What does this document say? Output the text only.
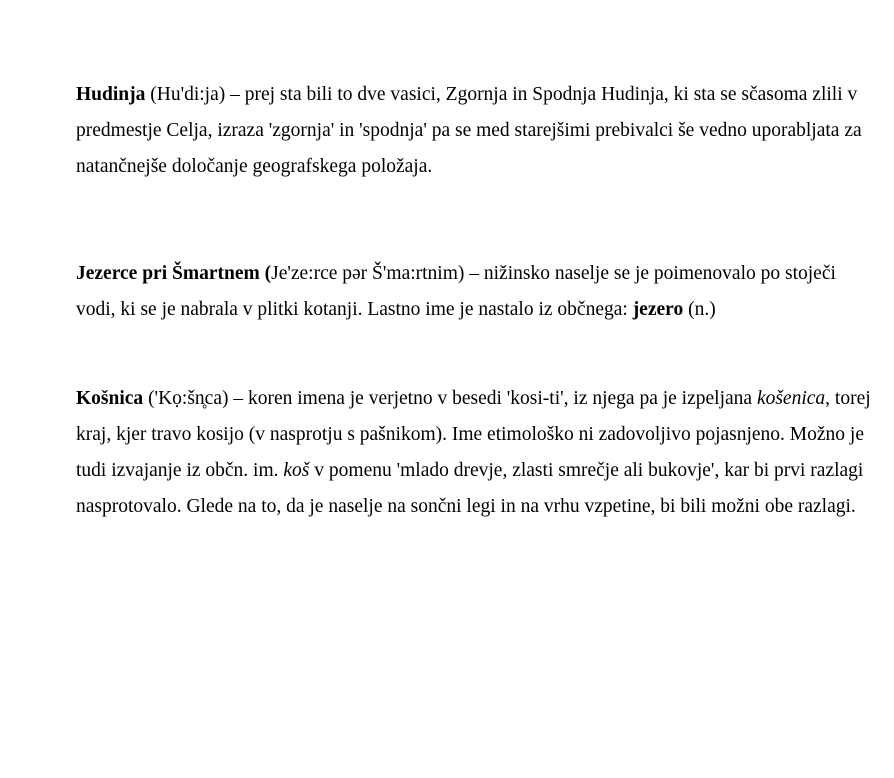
Hudinja (Hu'di:ja) – prej sta bili to dve vasici, Zgornja in Spodnja Hudinja, ki sta se sčasoma zlili v predmestje Celja, izraza 'zgornja' in 'spodnja' pa se med starejšimi prebivalci še vedno uporabljata za natančnejše določanje geografskega položaja.

Jezerce pri Šmartnem (Je'ze:rce pər Š'ma:rtnim) – nižinsko naselje se je poimenovalo po stoječi vodi, ki se je nabrala v plitki kotanji. Lastno ime je nastalo iz občnega: jezero (n.)

Košnica ('Kọ:šn̥ca) – koren imena je verjetno v besedi 'kosi-ti', iz njega pa je izpeljana košenica, torej kraj, kjer travo kosijo (v nasprotju s pašnikom). Ime etimološko ni zadovoljivo pojasnjeno. Možno je tudi izvajanje iz občn. im. koš v pomenu 'mlado drevje, zlasti smrečje ali bukovje', kar bi prvi razlagi nasprotovalo. Glede na to, da je naselje na sončni legi in na vrhu vzpetine, bi bili možni obe razlagi.
